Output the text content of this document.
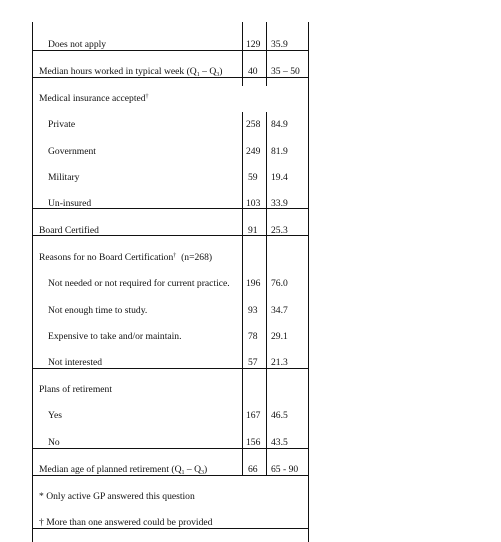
Does not apply	129 35.9
Median hours worked in typical week $(Q_1 - Q_3)$	40 35 – 50
Medical insurance accepted†
Private	258 84.9
Government	249 81.9
Military	59 19.4
Un-insured	103 33.9
Board Certified	91 25.3
Reasons for no Board Certification†  (n=268)
Not needed or not required for current practice. 196 76.0
Not enough time to study.	93 34.7
Expensive to take and/or maintain.	78 29.1
Not interested	57 21.3
Plans of retirement
Yes	167 46.5
No	156 43.5
Median age of planned retirement $(Q_1 - Q_3)$	66 65 - 90
* Only active GP answered this question
† More than one answered could be provided
